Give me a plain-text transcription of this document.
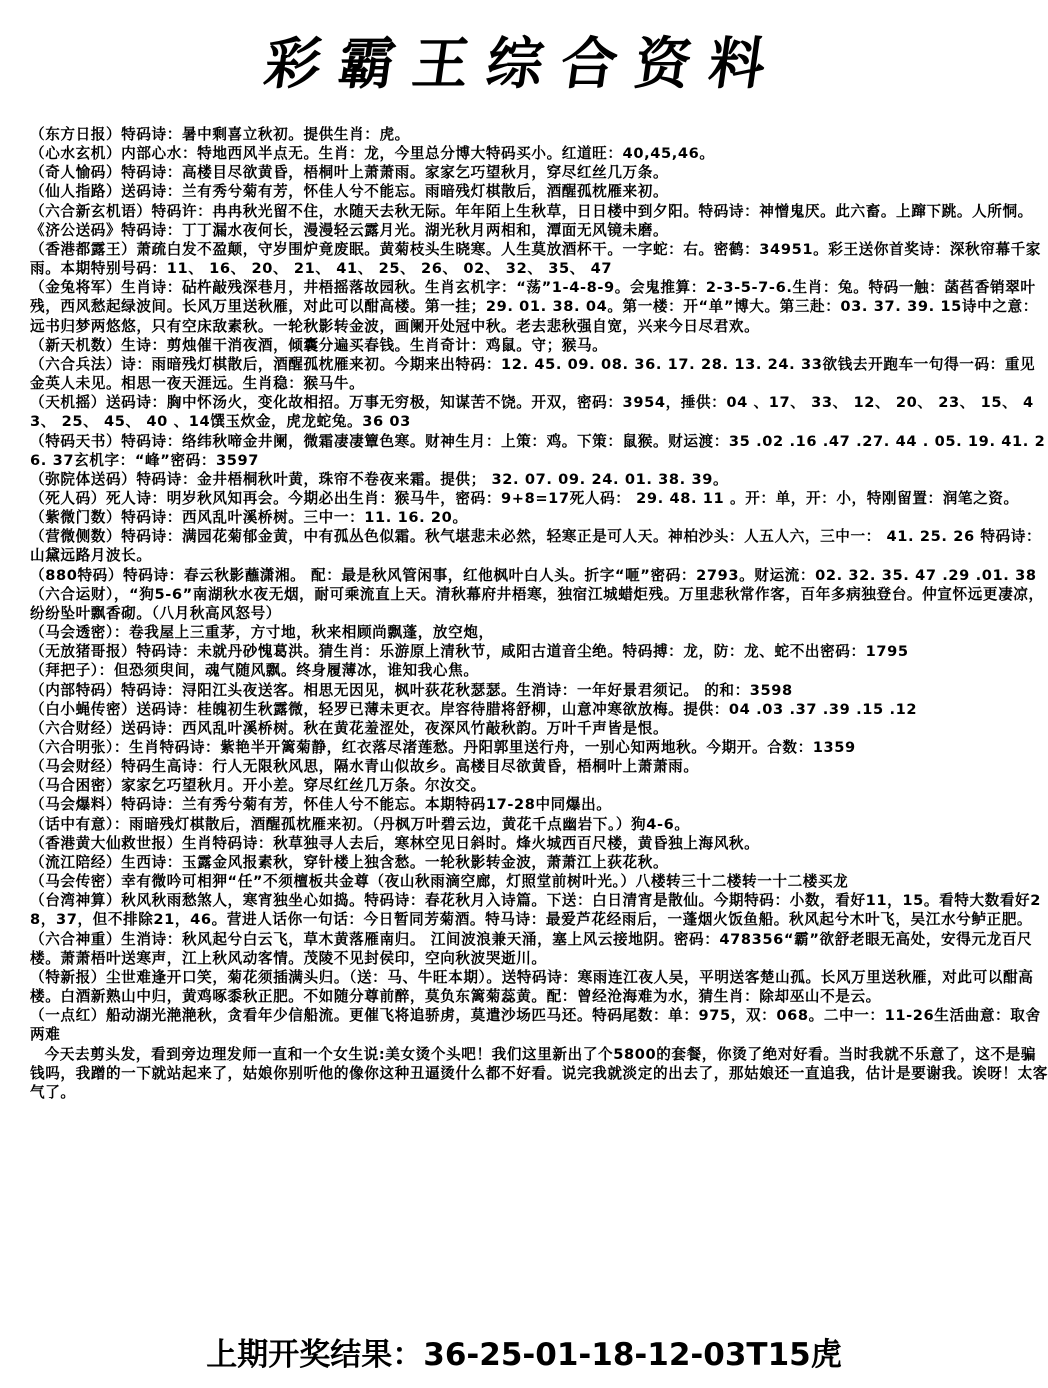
彩霸王综合资料

（东方日报）特码诗：暑中剩喜立秋初。提供生肖：虎。

（心水玄机）内部心水：特地西风半点无。生肖：龙，今里总分博大特码买小。红道旺：40,45,46。

（奇人愉码）特码诗：高楼目尽欲黄昏，梧桐叶上萧萧雨。家家乞巧望秋月，穿尽红丝几万条。

（仙人指路）送码诗：兰有秀兮菊有芳，怀佳人兮不能忘。雨暗残灯棋散后，酒醒孤枕雁来初。

（六合新玄机语）特码许：冉冉秋光留不住，水随天去秋无际。年年陌上生秋草，日日楼中到夕阳。特码诗：神憎鬼厌。此六畜。上蹿下跳。人所恫。

《济公送码》特码诗：丁丁漏水夜何长，漫漫轻云露月光。湖光秋月两相和，潭面无风镜未磨。

（香港都露王）萧疏白发不盈颠，守岁围炉竟废眠。黄菊枝头生晓寒。人生莫放酒杯干。一字蛇：右。密鹤：34951。彩王送你首奖诗：深秋帘幕千家雨。本期特别号码：11、 16、 20、 21、 41、 25、 26、 02、 32、 35、 47

（金兔将军）生肖诗：砧杵敲残深巷月，井梧摇落故园秋。生肖玄机字：“荡”1-4-8-9。会鬼推算：2-3-5-7-6.生肖：兔。特码一触：菡萏香销翠叶残，西风愁起绿波间。长风万里送秋雁，对此可以酣高楼。第一挂；29. 01. 38. 04。第一楼：开“单”博大。第三赴：03. 37. 39. 15诗中之意：远书归梦两悠悠，只有空床敌素秋。一轮秋影转金波，画阑开处冠中秋。老去悲秋强自宽，兴来今日尽君欢。

（新天机数）生诗：剪烛催干消夜酒，倾囊分遍买春钱。生肖奇计：鸡鼠。守；猴马。

（六合兵法）诗：雨暗残灯棋散后，酒醒孤枕雁来初。今期来出特码：12. 45. 09. 08. 36. 17. 28. 13. 24. 33欲钱去开跑车一句得一码：重见金英人未见。相思一夜天涯远。生肖稳：猴马牛。

（天机摇）送码诗：胸中怀汤火，变化故相招。万事无穷极，知谋苦不饶。开双，密码：3954，捶供：04 、17、 33、 12、 20、 23、 15、 43、 25、 45、 40 、14馔玉炊金，虎龙蛇兔。36 03

（特码天书）特码诗：络纬秋啼金井阑，微霜凄凄簟色寒。财神生月：上策：鸡。下策：鼠猴。财运渡：35 .02 .16 .47 .27. 44 . 05. 19. 41. 26. 37玄机字：“峰”密码：3597

（弥院体送码）特码诗：金井梧桐秋叶黄，珠帘不卷夜来霜。提供； 32. 07. 09. 24. 01. 38. 39。

（死人码）死人诗：明岁秋风知再会。今期必出生肖：猴马牛，密码：9+8=17死人码： 29. 48. 11 。开：单，开：小，特刚留置：润笔之资。

（紫微门数）特码诗：西风乱叶溪桥树。三中一：11. 16. 20。

（营微侧数）特码诗：满园花菊郁金黄，中有孤丛色似霜。秋气堪悲未必然，轻寒正是可人天。神柏沙头：人五人六，三中一： 41. 25. 26 特码诗：山黛远路月波长。

（880特码）特码诗：春云秋影蘸潇湘。 配：最是秋风管闲事，红他枫叶白人头。折字“咂”密码：2793。财运流：02. 32. 35. 47 .29 .01. 38

（六合运财），“狗5-6”南湖秋水夜无烟，耐可乘流直上天。清秋幕府井梧寒，独宿江城蜡炬残。万里悲秋常作客，百年多病独登台。仲宣怀远更凄凉，纷纷坠叶飘香砌。（八月秋高风怒号）

（马会透密）：卷我屋上三重茅，方寸地，秋来相顾尚飘蓬，放空炮，

（无放猪哥报）特码诗：未就丹砂愧葛洪。猜生肖：乐游原上清秋节，咸阳古道音尘绝。特码搏：龙，防：龙、蛇不出密码：1795

（拜把子）：但恐须臾间，魂气随风飘。终身履薄冰，谁知我心焦。

（内部特码）特码诗：浔阳江头夜送客。相思无因见，枫叶荻花秋瑟瑟。生消诗：一年好景君须记。 的和：3598

（白小蝇传密）送码诗：桂魄初生秋露微，轻罗已薄未更衣。岸容待腊将舒柳，山意冲寒欲放梅。提供：04 .03 .37 .39 .15 .12

（六合财经）送码诗：西风乱叶溪桥树。秋在黄花羞涩处，夜深风竹敲秋韵。万叶千声皆是恨。

（六合明张）：生肖特码诗：紫艳半开篱菊静，红衣落尽渚莲愁。丹阳郭里送行舟，一别心知两地秋。今期开。合数：1359

（马会财经）特码生高诗：行人无限秋风思，隔水青山似故乡。高楼目尽欲黄昏，梧桐叶上萧萧雨。

（马合困密）家家乞巧望秋月。开小差。穿尽红丝几万条。尔汝交。

（马会爆料）特码诗：兰有秀兮菊有芳，怀佳人兮不能忘。本期特码17-28中同爆出。

（话中有意）：雨暗残灯棋散后，酒醒孤枕雁来初。（丹枫万叶碧云边，黄花千点幽岩下。）狗4-6。

（香港黄大仙救世报）生肖特码诗：秋草独寻人去后，寒林空见日斜时。烽火城西百尺楼，黄昏独上海风秋。

（流江陪经）生西诗：玉露金风报素秋，穿针楼上独含愁。一轮秋影转金波，萧萧江上荻花秋。

（马会传密）幸有微吟可相狎“任”不须檀板共金尊（夜山秋雨滴空廊，灯照堂前树叶光。）八楼转三十二楼转一十二楼买龙

（台湾神算）秋风秋雨愁煞人，寒宵独坐心如捣。特码诗：春花秋月入诗篇。下送：白日清宵是散仙。今期特码：小数，看好11，15。看特大数看好28，37，但不排除21，46。营进人话你一句话：今日暂同芳菊酒。特马诗：最爱芦花经雨后，一蓬烟火饭鱼船。秋风起兮木叶飞，吴江水兮鲈正肥。

（六合神重）生消诗：秋风起兮白云飞，草木黄落雁南归。 江间波浪兼天涌，塞上风云接地阴。密码：478356“霸”欲舒老眼无高处，安得元龙百尺楼。萧萧梧叶送寒声，江上秋风动客情。茂陵不见封侯印，空向秋波哭逝川。

（特新报）尘世难逢开口笑，菊花须插满头归。（送：马、牛旺本期）。送特码诗：寒雨连江夜人吴，平明送客楚山孤。长风万里送秋雁，对此可以酣高楼。白酒新熟山中归，黄鸡啄黍秋正肥。不如随分尊前醉，莫负东篱菊蕊黄。配：曾经沧海难为水，猜生肖：除却巫山不是云。

（一点红）船动湖光滟滟秋，贪看年少信船流。更催飞将追骄虏，莫遣沙场匹马还。特码尾数：单：975，双：068。二中一：11-26生活曲意：取舍两难

今天去剪头发，看到旁边理发师一直和一个女生说:美女烫个头吧！我们这里新出了个5800的套餐，你烫了绝对好看。当时我就不乐意了，这不是骗钱吗，我蹭的一下就站起来了，姑娘你别听他的像你这种丑逼烫什么都不好看。说完我就淡定的出去了，那姑娘还一直追我，估计是要谢我。诶呀！太客气了。

上期开奖结果：36-25-01-18-12-03T15虎
